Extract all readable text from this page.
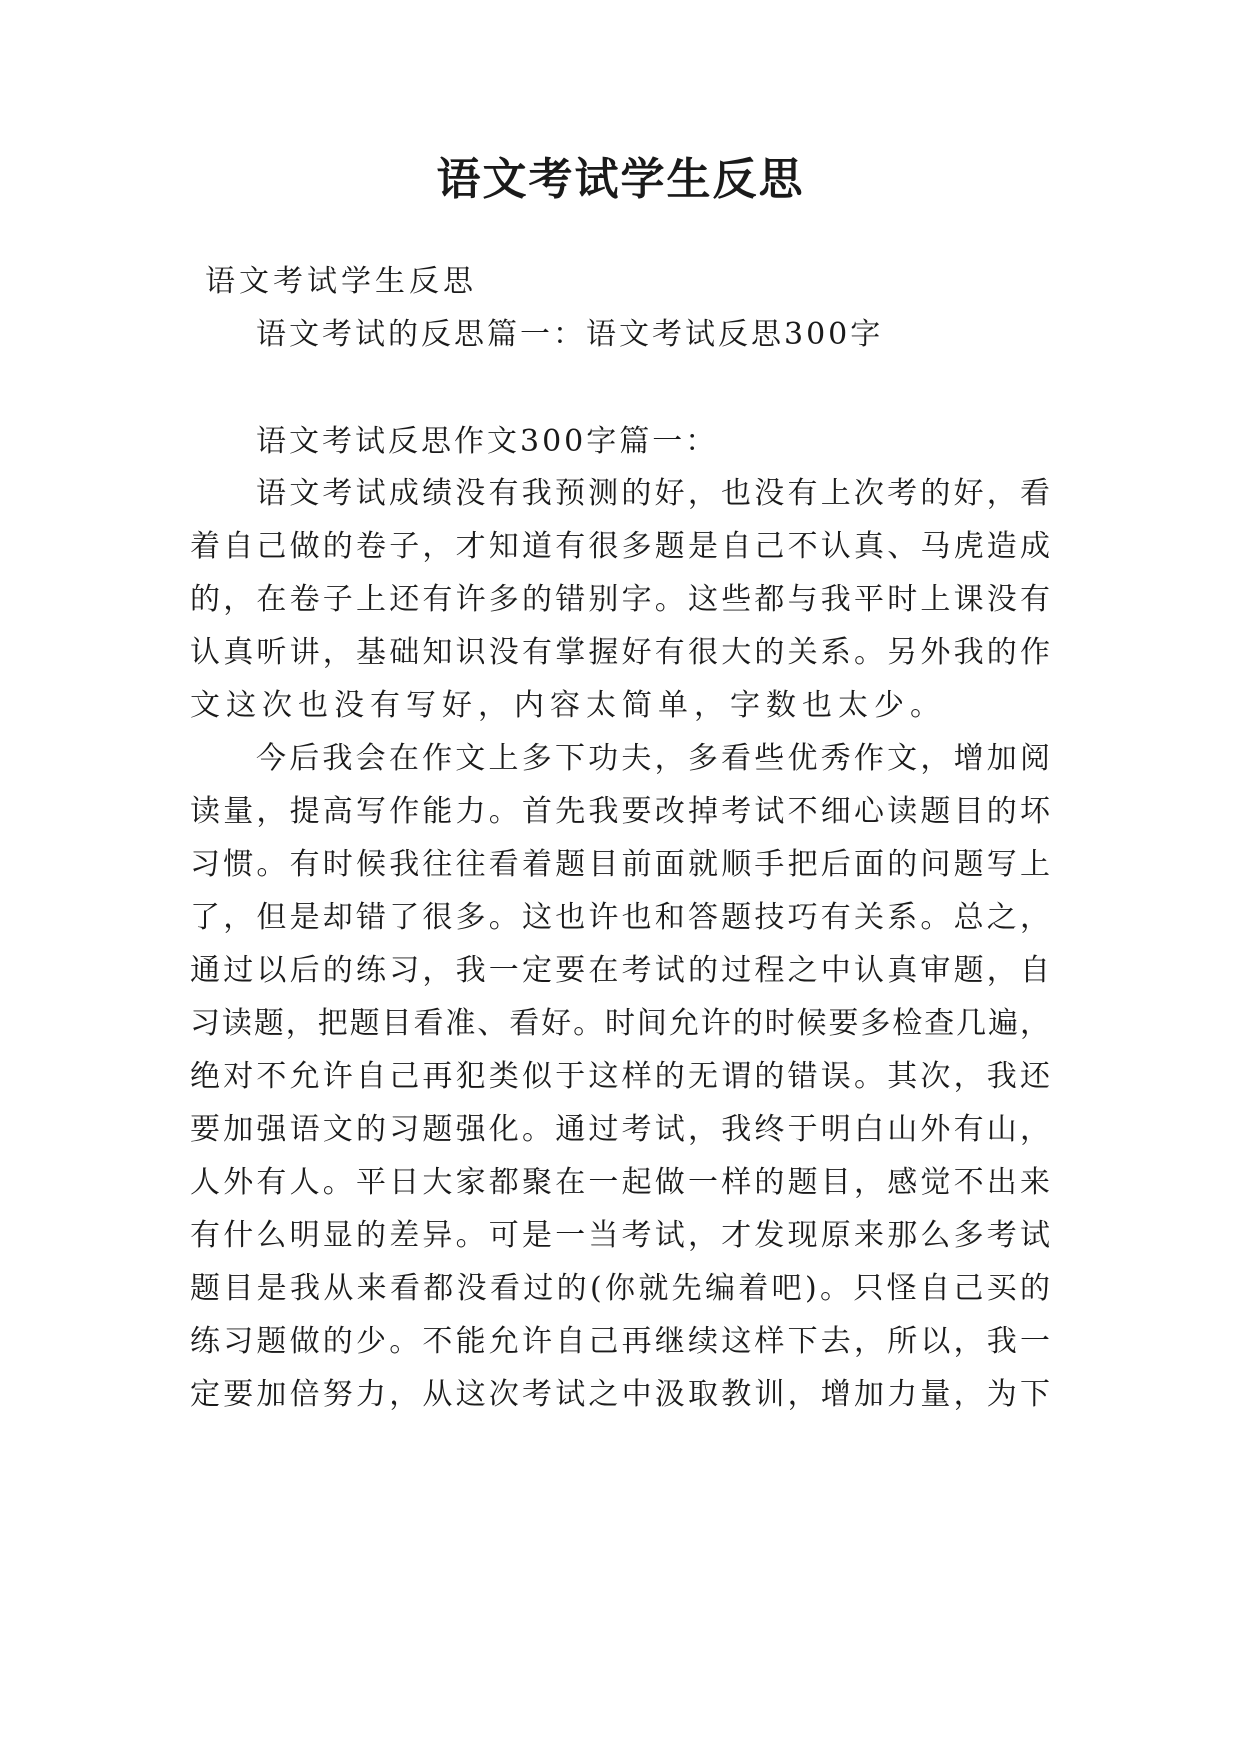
语文考试学生反思
语文考试学生反思
语文考试的反思篇一：语文考试反思300字
语文考试反思作文300字篇一：
语文考试成绩没有我预测的好，也没有上次考的好，看
着自己做的卷子，才知道有很多题是自己不认真、马虎造成
的，在卷子上还有许多的错别字。这些都与我平时上课没有
认真听讲，基础知识没有掌握好有很大的关系。另外我的作
文这次也没有写好，内容太简单，字数也太少。
今后我会在作文上多下功夫，多看些优秀作文，增加阅
读量，提高写作能力。首先我要改掉考试不细心读题目的坏
习惯。有时候我往往看着题目前面就顺手把后面的问题写上
了，但是却错了很多。这也许也和答题技巧有关系。总之，
通过以后的练习，我一定要在考试的过程之中认真审题，自
习读题，把题目看准、看好。时间允许的时候要多检查几遍，
绝对不允许自己再犯类似于这样的无谓的错误。其次，我还
要加强语文的习题强化。通过考试，我终于明白山外有山，
人外有人。平日大家都聚在一起做一样的题目，感觉不出来
有什么明显的差异。可是一当考试，才发现原来那么多考试
题目是我从来看都没看过的(你就先编着吧)。只怪自己买的
练习题做的少。不能允许自己再继续这样下去，所以，我一
定要加倍努力，从这次考试之中汲取教训，增加力量，为下
